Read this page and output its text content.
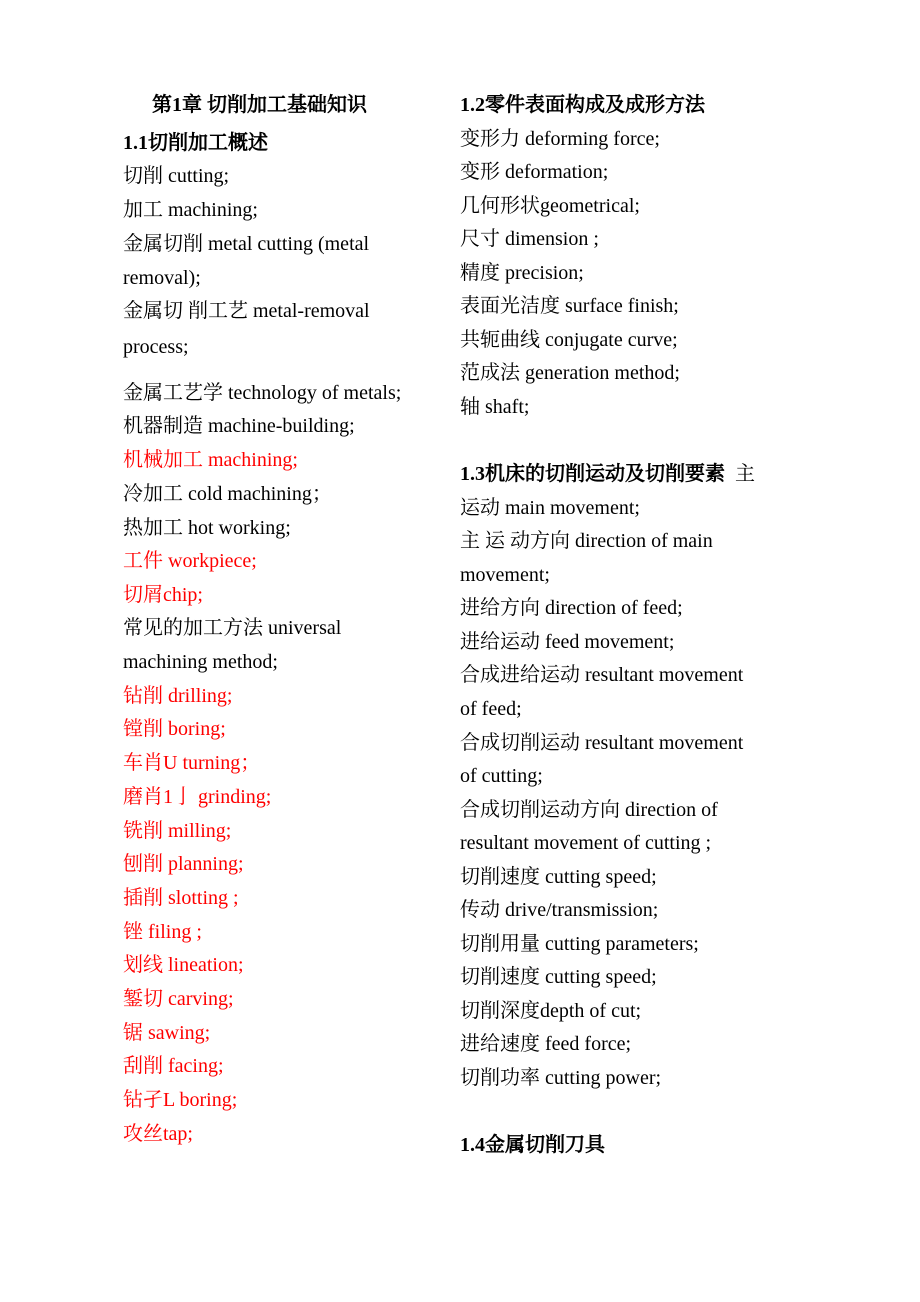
第1章 切削加工基础知识
1.1切削加工概述
切削 cutting;
加工 machining;
金属切削 metal cutting (metal
removal);
金属切 削工艺 metal-removal
process;
金属工艺学 technology of metals;
机器制造 machine-building;
机械加工 machining;
冷加工 cold machining；
热加工 hot working;
工件 workpiece;
切屑chip;
常见的加工方法 universal
machining method;
钻削 drilling;
镗削 boring;
车肖U turning；
磨肖1亅 grinding;
铣削 milling;
刨削 planning;
插削 slotting ;
锉 filing ;
划线 lineation;
錾切 carving;
锯 sawing;
刮削 facing;
钻孑L boring;
攻丝tap;
1.2零件表面构成及成形方法
变形力 deforming force;
变形 deformation;
几何形状geometrical;
尺寸 dimension ;
精度 precision;
表面光洁度 surface finish;
共轭曲线 conjugate curve;
范成法 generation method;
轴 shaft;
1.3机床的切削运动及切削要素  主
运动 main movement;
主 运 动方向 direction of main
movement;
进给方向 direction of feed;
进给运动 feed movement;
合成进给运动 resultant movement
of feed;
合成切削运动 resultant movement
of cutting;
合成切削运动方向 direction of
resultant movement of cutting ;
切削速度 cutting speed;
传动 drive/transmission;
切削用量 cutting parameters;
切削速度 cutting speed;
切削深度depth of cut;
进给速度 feed force;
切削功率 cutting power;
1.4金属切削刀具
